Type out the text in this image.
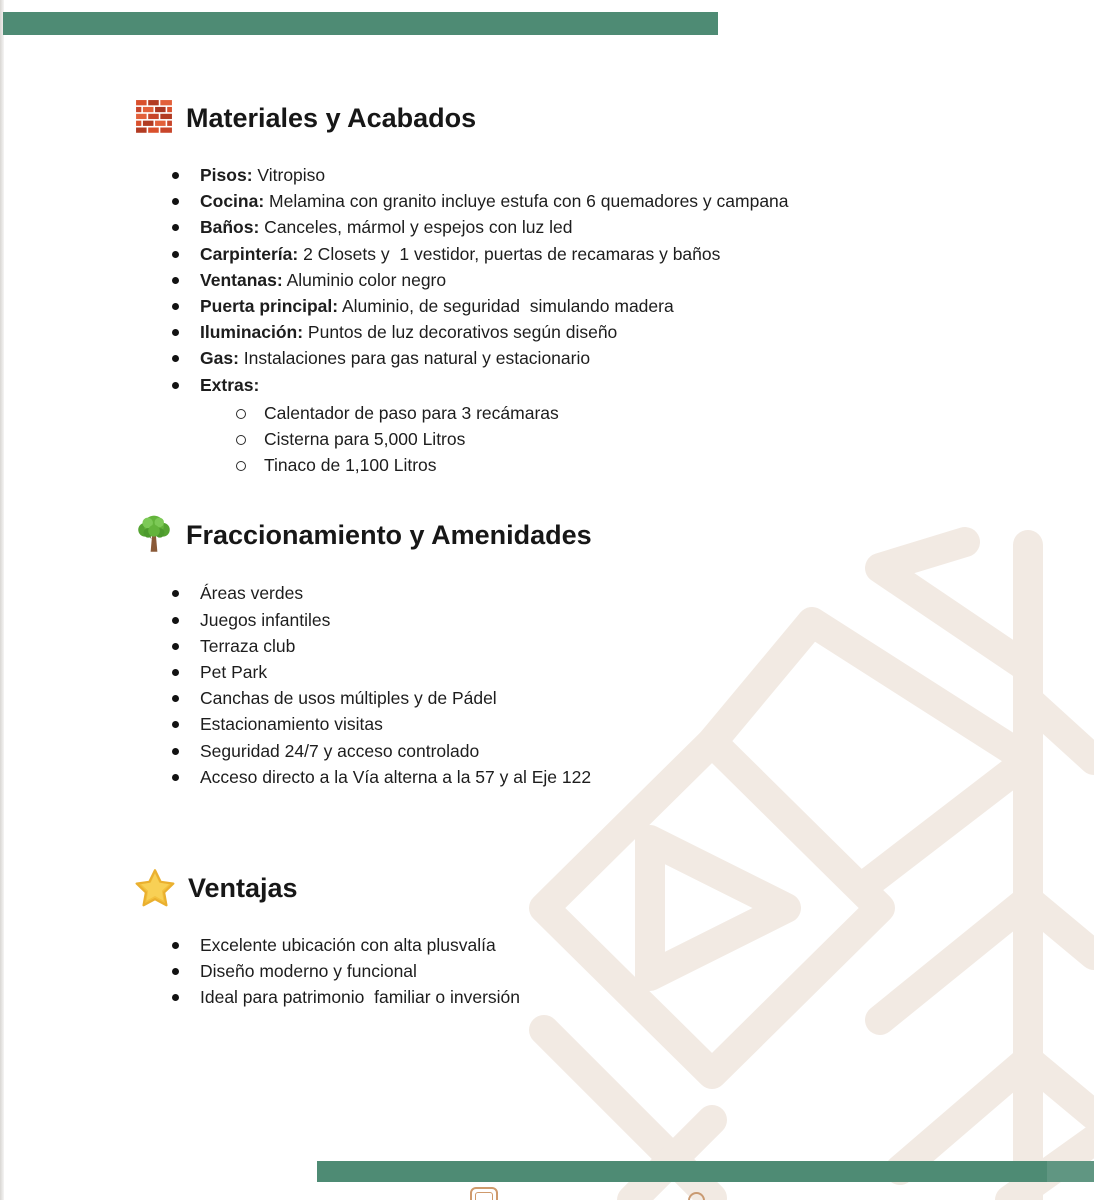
Materiales y Acabados
Pisos: Vitropiso
Cocina: Melamina con granito incluye estufa con 6 quemadores y campana
Baños: Canceles, mármol y espejos con luz led
Carpintería: 2 Closets y  1 vestidor, puertas de recamaras y baños
Ventanas: Aluminio color negro
Puerta principal: Aluminio, de seguridad  simulando madera
Iluminación: Puntos de luz decorativos según diseño
Gas: Instalaciones para gas natural y estacionario
Extras:
Calentador de paso para 3 recámaras
Cisterna para 5,000 Litros
Tinaco de 1,100 Litros
Fraccionamiento y Amenidades
Áreas verdes
Juegos infantiles
Terraza club
Pet Park
Canchas de usos múltiples y de Pádel
Estacionamiento visitas
Seguridad 24/7 y acceso controlado
Acceso directo a la Vía alterna a la 57 y al Eje 122
Ventajas
Excelente ubicación con alta plusvalía
Diseño moderno y funcional
Ideal para patrimonio  familiar o inversión
